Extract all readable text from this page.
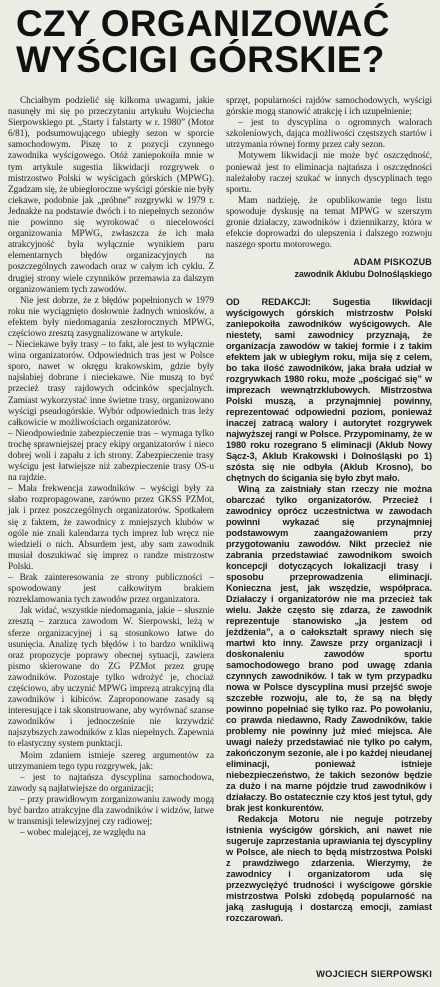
CZY ORGANIZOWAĆ
WYŚCIGI GÓRSKIE?

Chciałbym podzielić się kilkoma uwagami, jakie nasunęły mi się po przeczytaniu artykułu Wojciecha Sierpowskiego pt. „Starty i falstarty w r. 1980” (Motor 6/81), podsumowującego ubiegły sezon w sporcie samochodowym. Piszę to z pozycji czynnego zawodnika wyścigowego. Otóż zaniepokoiła mnie w tym artykule sugestia likwidacji rozgrywek o mistrzostwo Polski w wyścigach górskich (MPWG). Zgadzam się, że ubiegłoroczne wyścigi górskie nie były ciekawe, podobnie jak „próbne” rozgrywki w 1979 r. Jednakże na podstawie dwóch i to niepełnych sezonów nie powinno się wyrokować o niecelowości organizowania MPWG, zwłaszcza że ich mała atrakcyjność była wyłącznie wynikiem paru elementarnych błędów organizacyjnych na poszczególnych zawodach oraz w całym ich cyklu. Z drugiej strony wiele czynników przemawia za dalszym organizowaniem tych zawodów.

Nie jest dobrze, że z błędów popełnionych w 1979 roku nie wyciągnięto dosłownie żadnych wniosków, a efektem były niedomagania zeszłorocznych MPWG, częściowo zresztą zasygnalizowane w artykule.

– Nieciekawe były trasy – to fakt, ale jest to wyłącznie wina organizatorów. Odpowiednich tras jest w Polsce sporo, nawet w okręgu krakowskim, gdzie były najsłabiej dobrane i nieciekawe. Nie muszą to być przecież trasy rajdowych odcinków specjalnych. Zamiast wykorzystać inne świetne trasy, organizowano wyścigi pseudogórskie. Wybór odpowiednich tras leży całkowicie w możliwościach organizatorów.

– Nieodpowiednie zabezpieczenie tras – wymaga tylko trochę sprawniejszej pracy ekipy organizatorów i nieco dobrej woli i zapału z ich strony. Zabezpieczenie trasy wyścigu jest łatwiejsze niż zabezpieczenie trasy OS-u na rajdzie.

– Mała frekwencja zawodników – wyścigi były za słabo rozpropagowane, zarówno przez GKSS PZMot, jak i przez poszczególnych organizatorów. Spotkałem się z faktem, że zawodnicy z mniejszych klubów w ogóle nie znali kalendarza tych imprez lub wręcz nie wiedzieli o nich. Absurdem jest, aby sam zawodnik musiał doszukiwać się imprez o randze mistrzostw Polski.

– Brak zainteresowania ze strony publiczności – spowodowany jest całkowitym brakiem rozreklamowania tych zawodów przez organizatora.

Jak widać, wszystkie niedomagania, jakie – słusznie zresztą – zarzuca zawodom W. Sierpowski, leżą w sferze organizacyjnej i są stosunkowo łatwe do usunięcia. Analizę tych błędów i to bardzo wnikliwą oraz propozycje poprawy obecnej sytuacji, zawiera pismo skierowane do ZG PZMot przez grupę zawodników. Pozostaje tylko wdrożyć je, chociaż częściowo, aby uczynić MPWG imprezą atrakcyjną dla zawodników i kibiców. Zaproponowane zasady są interesujące i tak skonstruowane, aby wyrównać szanse zawodników i jednocześnie nie krzywdzić najszybszych zawodników z klas niepełnych. Zapewnia to elastyczny system punktacji.

Moim zdaniem istnieje szereg argumentów za utrzymaniem tego typu rozgrywek, jak:

– jest to najtańsza dyscyplina samochodowa, zawody są najłatwiejsze do organizacji;

– przy prawidłowym zorganizowaniu zawody mogą być bardzo atrakcyjne dla zawodników i widzów, łatwe w transmisji telewizyjnej czy radiowej;

– wobec malejącej, ze względu na

sprzęt, popularności rajdów samochodowych, wyścigi górskie mogą stanowić atrakcję i ich uzupełnienie;

– jest to dyscyplina o ogromnych walorach szkoleniowych, dająca możliwości częstszych startów i utrzymania równej formy przez cały sezon.

Motywem likwidacji nie może być oszczędność, ponieważ jest to eliminacja najtańsza i oszczędności należałoby raczej szukać w innych dyscyplinach tego sportu.

Mam nadzieję, że opublikowanie tego listu spowoduje dyskusję na temat MPWG w szerszym gronie działaczy, zawodników i dziennikarzy, która w efekcie doprowadzi do ulepszenia i dalszego rozwoju naszego sportu motorowego.

ADAM PISKOZUB
zawodnik Aklubu Dolnośląskiego

OD REDAKCJI: Sugestia likwidacji wyścigowych górskich mistrzostw Polski zaniepokoiła zawodników wyścigowych. Ale niestety, sami zawodnicy przyznają, że organizacja zawodów w takiej formie i z takim efektem jak w ubiegłym roku, mija się z celem, bo taka ilość zawodników, jaka brała udział w rozgrywkach 1980 roku, może „pościgać się” w imprezach wewnątrzklubowych. Mistrzostwa Polski muszą, a przynajmniej powinny, reprezentować odpowiedni poziom, ponieważ inaczej zatracą walory i autorytet rozgrywek najwyższej rangi w Polsce. Przypominamy, że w 1980 roku rozegrano 5 eliminacji (Aklub Nowy Sącz-3, Aklub Krakowski i Dolnośląski po 1) szósta się nie odbyła (Aklub Krosno), bo chętnych do ścigania się było zbyt mało.

Winą za zaistniały stan rzeczy nie można obarczać tylko organizatorów. Przecież i zawodnicy oprócz uczestnictwa w zawodach powinni wykazać się przynajmniej podstawowym zaangażowaniem przy przygotowaniu zawodów. Nikt przecież nie zabrania przedstawiać zawodnikom swoich koncepcji dotyczących lokalizacji trasy i sposobu przeprowadzenia eliminacji. Konieczna jest, jak wszędzie, współpraca. Działaczy i organizatorów nie ma przecież tak wielu. Jakże często się zdarza, że zawodnik reprezentuje stanowisko „ja jestem od jeżdżenia”, a o całokształt sprawy niech się martwi kto inny. Zawsze przy organizacji i doskonaleniu zawodów sportu samochodowego brano pod uwagę zdania czynnych zawodników. I tak w tym przypadku nowa w Polsce dyscyplina musi przejść swoje szczebłe rozwoju, ale to, że są na błędy powinno popełniać się tylko raz. Po powołaniu, co prawda niedawno, Rady Zawodników, takie problemy nie powinny już mieć miejsca. Ale uwagi należy przedstawiać nie tylko po całym, zakończonym sezonie, ale i po każdej nieudanej eliminacji, ponieważ istnieje niebezpieczeństwo, że takich sezonów będzie za dużo i na marne pójdzie trud zawodników i działaczy. Bo ostatecznie czy ktoś jest tytuł, gdy brak jest konkurentów.

Redakcja Motoru nie neguje potrzeby istnienia wyścigów górskich, ani nawet nie sugeruje zaprzestania uprawiania tej dyscypliny w Polsce, ale niech to będą mistrzostwa Polski z prawdziwego zdarzenia. Wierzymy, że zawodnicy i organizatorom uda się przezwyciężyć trudności i wyścigowe górskie mistrzostwa Polski zdobędą popularność na jaką zasługują i dostarczą emocji, zamiast rozczarowań.

WOJCIECH SIERPOWSKI
